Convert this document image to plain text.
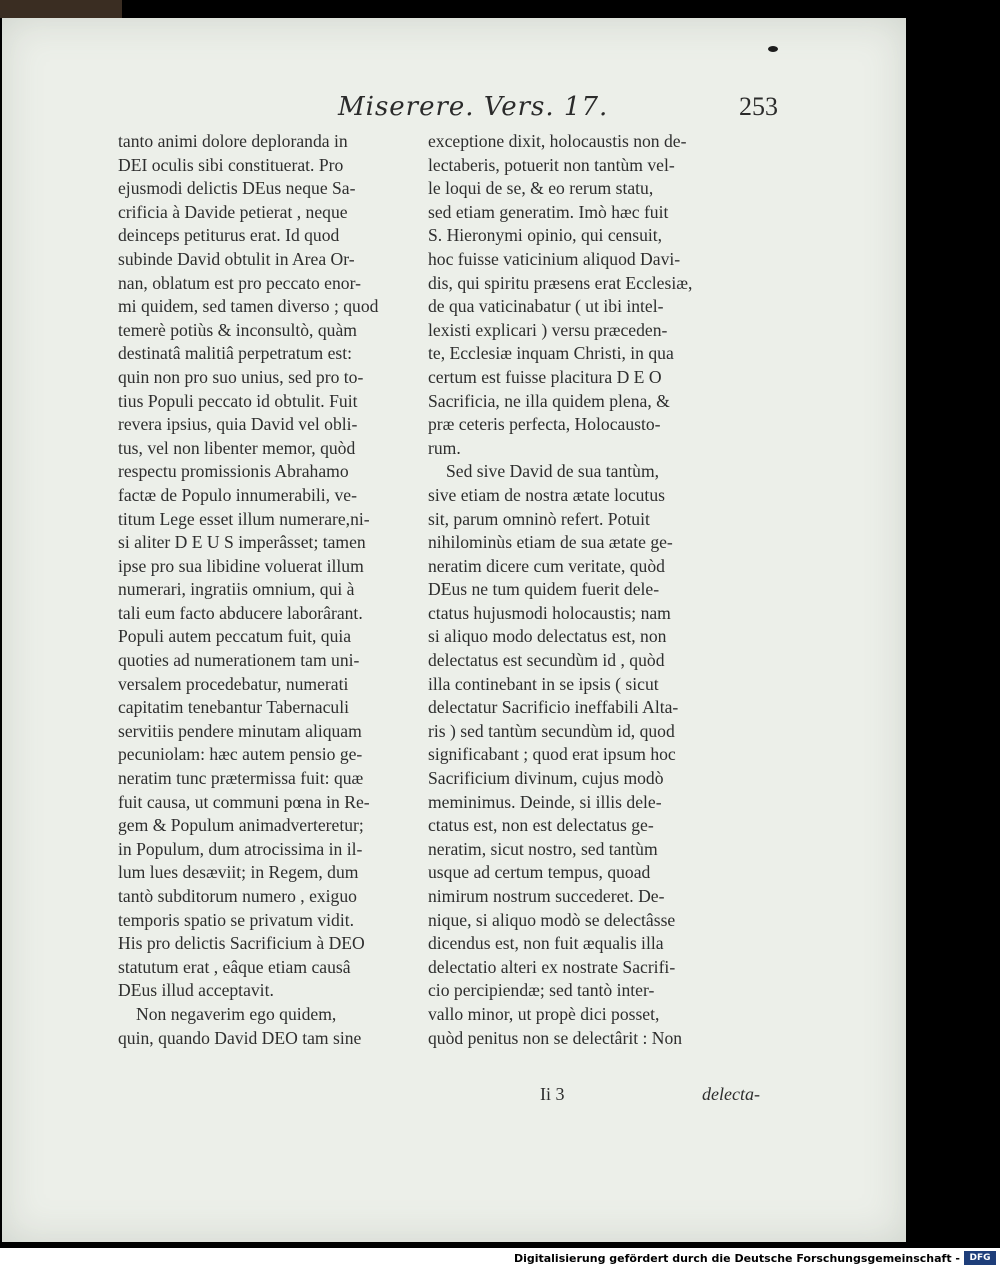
Miserere. Vers. 17.	253
tanto animi dolore deploranda in
DEI oculis sibi constituerat. Pro
ejusmodi delictis DEus neque Sa-
crificia à Davide petierat , neque
deinceps petiturus erat. Id quod
subinde David obtulit in Area Or-
nan, oblatum est pro peccato enor-
mi quidem, sed tamen diverso ; quod
temerè potiùs & inconsultò, quàm
destinatâ malitiâ perpetratum est:
quin non pro suo unius, sed pro to-
tius Populi peccato id obtulit. Fuit
revera ipsius, quia David vel obli-
tus, vel non libenter memor, quòd
respectu promissionis Abrahamo
factæ de Populo innumerabili, ve-
titum Lege esset illum numerare,ni-
si aliter D E U S imperâsset; tamen
ipse pro sua libidine voluerat illum
numerari, ingratiis omnium, qui à
tali eum facto abducere laborârant.
Populi autem peccatum fuit, quia
quoties ad numerationem tam uni-
versalem procedebatur, numerati
capitatim tenebantur Tabernaculi
servitiis pendere minutam aliquam
pecuniolam: hæc autem pensio ge-
neratim tunc prætermissa fuit: quæ
fuit causa, ut communi pœna in Re-
gem & Populum animadverteretur;
in Populum, dum atrocissima in il-
lum lues desæviit; in Regem, dum
tantò subditorum numero , exiguo
temporis spatio se privatum vidit.
His pro delictis Sacrificium à DEO
statutum erat , eâque etiam causâ
DEus illud acceptavit.
Non negaverim ego quidem,
quin, quando David DEO tam sine
exceptione dixit, holocaustis non de-
lectaberis, potuerit non tantùm vel-
le loqui de se, & eo rerum statu,
sed etiam generatim. Imò hæc fuit
S. Hieronymi opinio, qui censuit,
hoc fuisse vaticinium aliquod Davi-
dis, qui spiritu præsens erat Ecclesiæ,
de qua vaticinabatur ( ut ibi intel-
lexisti explicari ) versu præceden-
te, Ecclesiæ inquam Christi, in qua
certum est fuisse placitura D E O
Sacrificia, ne illa quidem plena, &
præ ceteris perfecta, Holocausto-
rum.
Sed sive David de sua tantùm,
sive etiam de nostra ætate locutus
sit, parum omninò refert. Potuit
nihilominùs etiam de sua ætate ge-
neratim dicere cum veritate, quòd
DEus ne tum quidem fuerit dele-
ctatus hujusmodi holocaustis; nam
si aliquo modo delectatus est, non
delectatus est secundùm id , quòd
illa continebant in se ipsis ( sicut
delectatur Sacrificio ineffabili Alta-
ris ) sed tantùm secundùm id, quod
significabant ; quod erat ipsum hoc
Sacrificium divinum, cujus modò
meminimus. Deinde, si illis dele-
ctatus est, non est delectatus ge-
neratim, sicut nostro, sed tantùm
usque ad certum tempus, quoad
nimirum nostrum succederet. De-
nique, si aliquo modò se delectâsse
dicendus est, non fuit æqualis illa
delectatio alteri ex nostrate Sacrifi-
cio percipiendæ; sed tantò inter-
vallo minor, ut propè dici posset,
quòd penitus non se delectârit : Non
Ii 3	delecta-
Digitalisierung gefördert durch die Deutsche Forschungsgemeinschaft -	DFG
